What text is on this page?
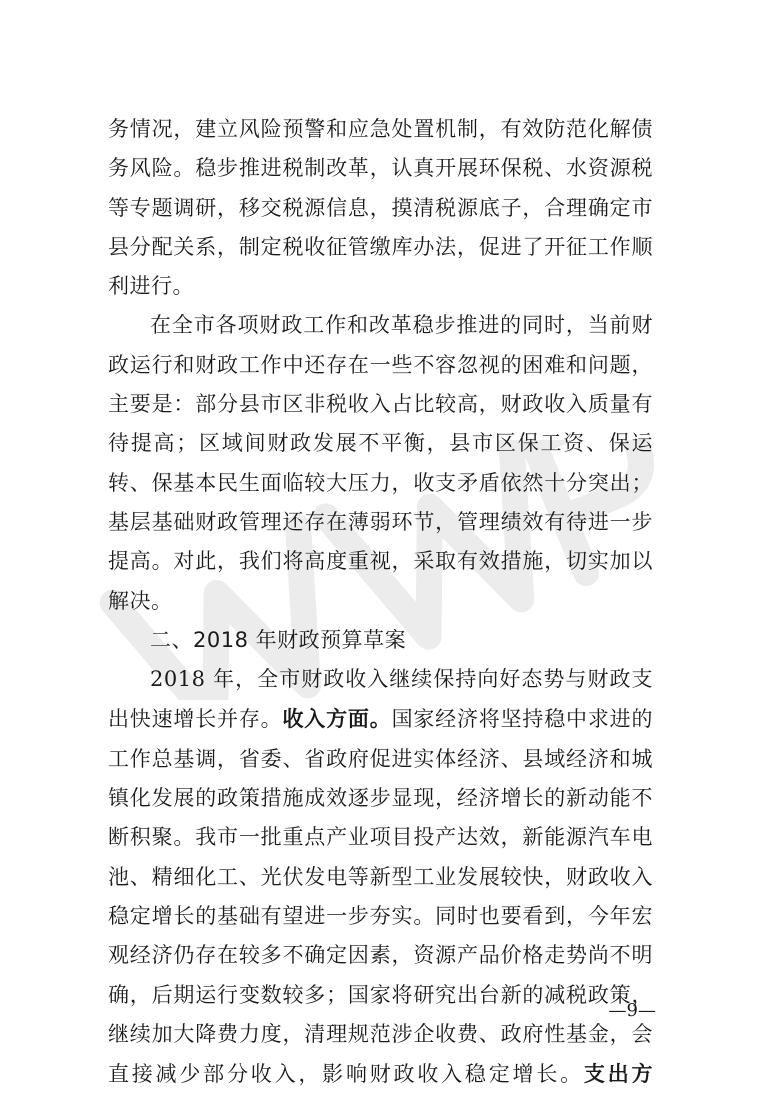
务情况，建立风险预警和应急处置机制，有效防范化解债务风险。稳步推进税制改革，认真开展环保税、水资源税等专题调研，移交税源信息，摸清税源底子，合理确定市县分配关系，制定税收征管缴库办法，促进了开征工作顺利进行。

在全市各项财政工作和改革稳步推进的同时，当前财政运行和财政工作中还存在一些不容忽视的困难和问题，主要是：部分县市区非税收入占比较高，财政收入质量有待提高；区域间财政发展不平衡，县市区保工资、保运转、保基本民生面临较大压力，收支矛盾依然十分突出；基层基础财政管理还存在薄弱环节，管理绩效有待进一步提高。对此，我们将高度重视，采取有效措施，切实加以解决。

二、2018 年财政预算草案

2018 年，全市财政收入继续保持向好态势与财政支出快速增长并存。收入方面。国家经济将坚持稳中求进的工作总基调，省委、省政府促进实体经济、县域经济和城镇化发展的政策措施成效逐步显现，经济增长的新动能不断积聚。我市一批重点产业项目投产达效，新能源汽车电池、精细化工、光伏发电等新型工业发展较快，财政收入稳定增长的基础有望进一步夯实。同时也要看到，今年宏观经济仍存在较多不确定因素，资源产品价格走势尚不明确，后期运行变数较多；国家将研究出台新的减税政策，继续加大降费力度，清理规范涉企收费、政府性基金，会直接减少部分收入，影响财政收入稳定增长。支出方

—9—
